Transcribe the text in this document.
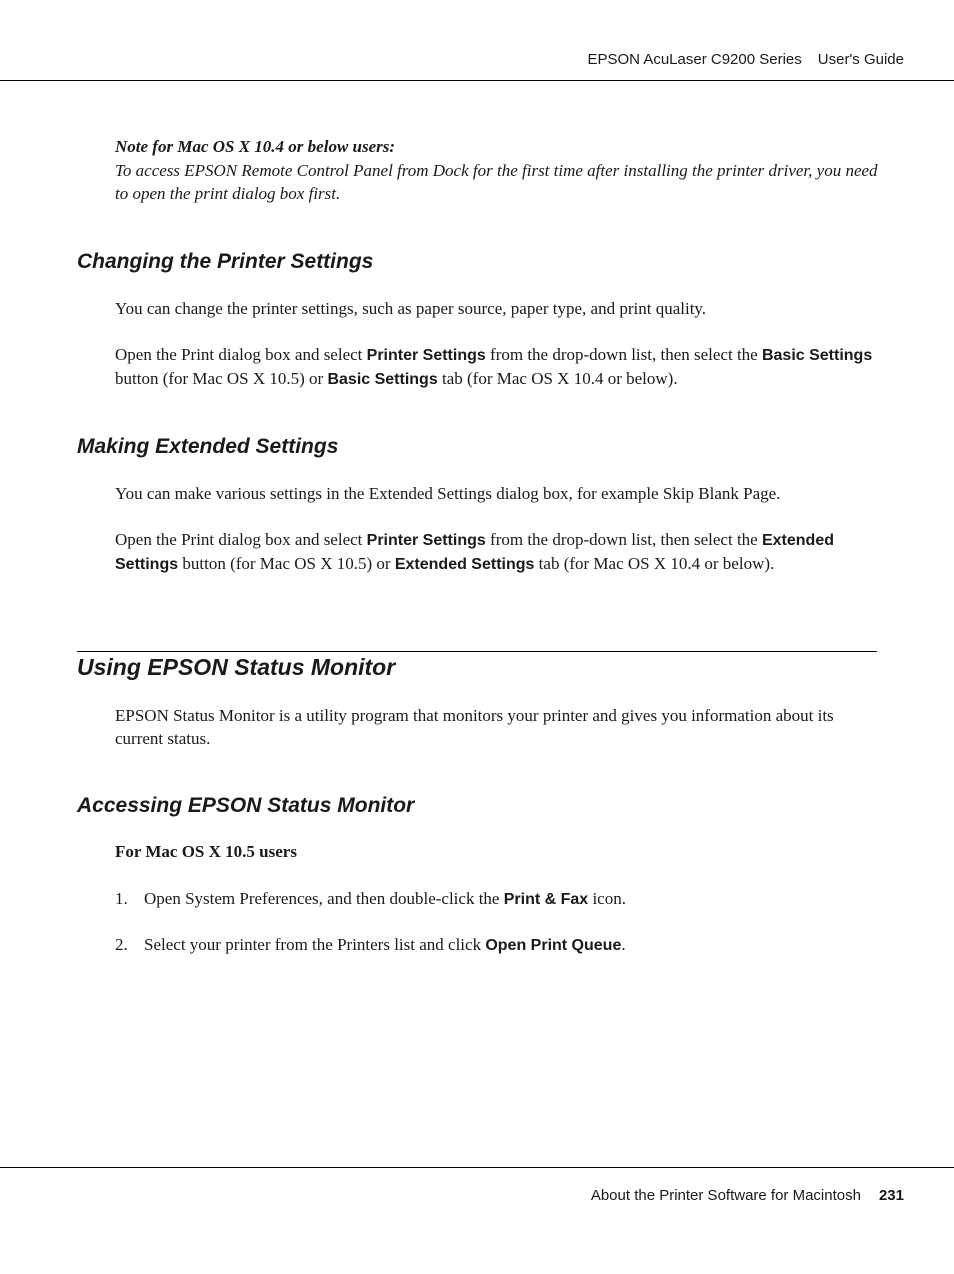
EPSON AcuLaser C9200 Series User's Guide
Note for Mac OS X 10.4 or below users:
To access EPSON Remote Control Panel from Dock for the first time after installing the printer driver, you need to open the print dialog box first.
Changing the Printer Settings
You can change the printer settings, such as paper source, paper type, and print quality.
Open the Print dialog box and select Printer Settings from the drop-down list, then select the Basic Settings button (for Mac OS X 10.5) or Basic Settings tab (for Mac OS X 10.4 or below).
Making Extended Settings
You can make various settings in the Extended Settings dialog box, for example Skip Blank Page.
Open the Print dialog box and select Printer Settings from the drop-down list, then select the Extended Settings button (for Mac OS X 10.5) or Extended Settings tab (for Mac OS X 10.4 or below).
Using EPSON Status Monitor
EPSON Status Monitor is a utility program that monitors your printer and gives you information about its current status.
Accessing EPSON Status Monitor
For Mac OS X 10.5 users
1. Open System Preferences, and then double-click the Print & Fax icon.
2. Select your printer from the Printers list and click Open Print Queue.
About the Printer Software for Macintosh 231
